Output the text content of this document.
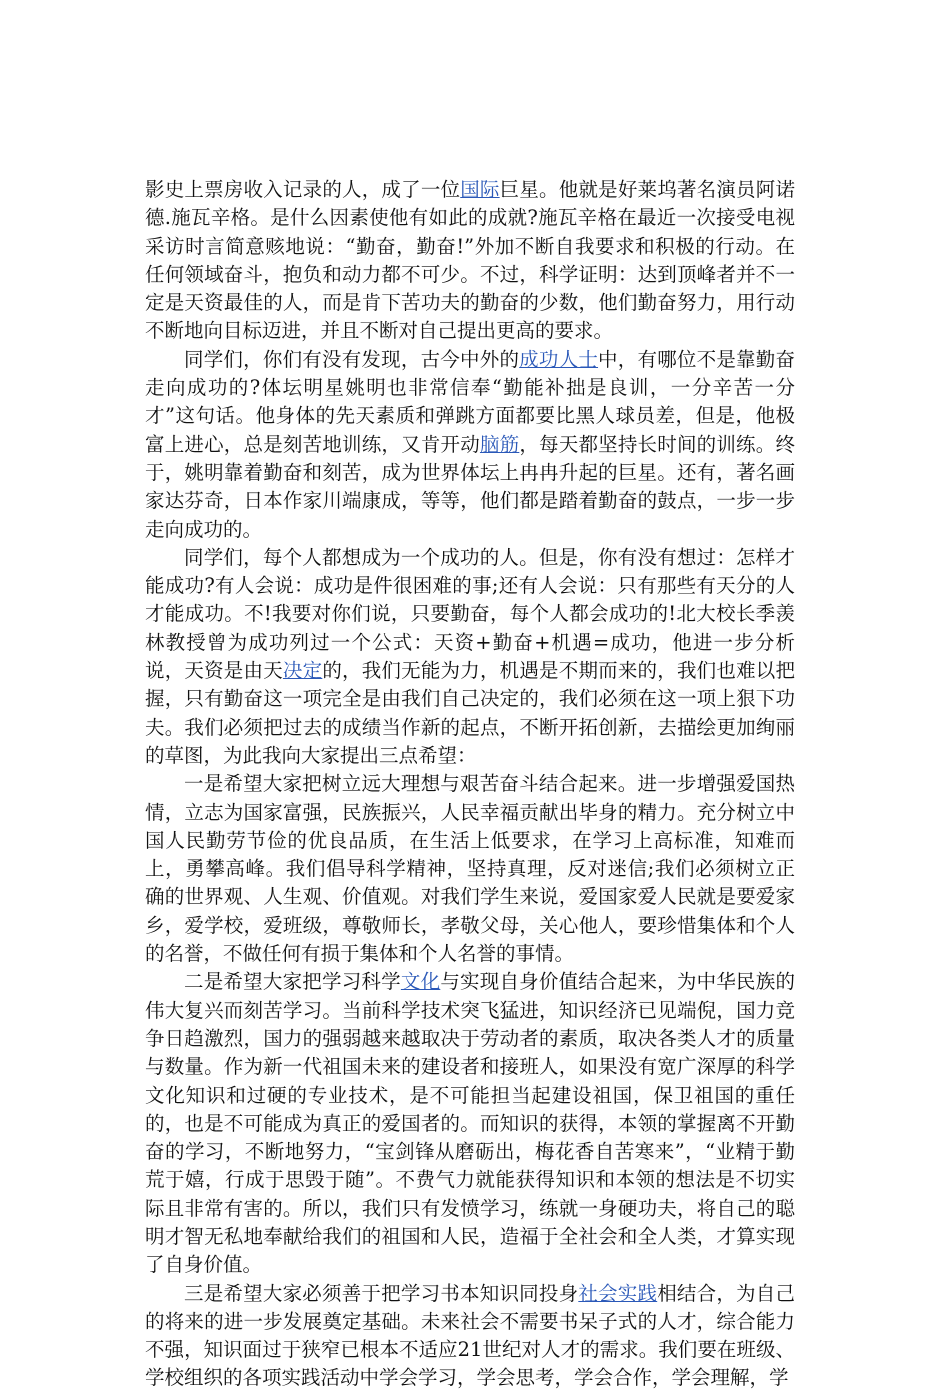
影史上票房收入记录的人，成了一位国际巨星。他就是好莱坞著名演员阿诺德.施瓦辛格。是什么因素使他有如此的成就?施瓦辛格在最近一次接受电视采访时言简意赅地说：“勤奋，勤奋!”外加不断自我要求和积极的行动。在任何领域奋斗，抱负和动力都不可少。不过，科学证明：达到顶峰者并不一定是天资最佳的人，而是肯下苦功夫的勤奋的少数，他们勤奋努力，用行动不断地向目标迈进，并且不断对自己提出更高的要求。

同学们，你们有没有发现，古今中外的成功人士中，有哪位不是靠勤奋走向成功的?体坛明星姚明也非常信奉“勤能补拙是良训，一分辛苦一分才”这句话。他身体的先天素质和弹跳方面都要比黑人球员差，但是，他极富上进心，总是刻苦地训练，又肯开动脑筋，每天都坚持长时间的训练。终于，姚明靠着勤奋和刻苦，成为世界体坛上冉冉升起的巨星。还有，著名画家达芬奇，日本作家川端康成，等等，他们都是踏着勤奋的鼓点，一步一步走向成功的。

同学们，每个人都想成为一个成功的人。但是，你有没有想过：怎样才能成功?有人会说：成功是件很困难的事;还有人会说：只有那些有天分的人才能成功。不!我要对你们说，只要勤奋，每个人都会成功的!北大校长季羡林教授曾为成功列过一个公式：天资+勤奋+机遇=成功，他进一步分析说，天资是由天决定的，我们无能为力，机遇是不期而来的，我们也难以把握，只有勤奋这一项完全是由我们自己决定的，我们必须在这一项上狠下功夫。我们必须把过去的成绩当作新的起点，不断开拓创新，去描绘更加绚丽的草图，为此我向大家提出三点希望：

一是希望大家把树立远大理想与艰苦奋斗结合起来。进一步增强爱国热情，立志为国家富强，民族振兴，人民幸福贡献出毕身的精力。充分树立中国人民勤劳节俭的优良品质，在生活上低要求，在学习上高标准，知难而上，勇攀高峰。我们倡导科学精神，坚持真理，反对迷信;我们必须树立正确的世界观、人生观、价值观。对我们学生来说，爱国家爱人民就是要爱家乡，爱学校，爱班级，尊敬师长，孝敬父母，关心他人，要珍惜集体和个人的名誉，不做任何有损于集体和个人名誉的事情。

二是希望大家把学习科学文化与实现自身价值结合起来，为中华民族的伟大复兴而刻苦学习。当前科学技术突飞猛进，知识经济已见端倪，国力竞争日趋激烈，国力的强弱越来越取决于劳动者的素质，取决各类人才的质量与数量。作为新一代祖国未来的建设者和接班人，如果没有宽广深厚的科学文化知识和过硬的专业技术，是不可能担当起建设祖国，保卫祖国的重任的，也是不可能成为真正的爱国者的。而知识的获得，本领的掌握离不开勤奋的学习，不断地努力，“宝剑锋从磨砺出，梅花香自苦寒来”，“业精于勤荒于嬉，行成于思毁于随”。不费气力就能获得知识和本领的想法是不切实际且非常有害的。所以，我们只有发愤学习，练就一身硬功夫，将自己的聪明才智无私地奉献给我们的祖国和人民，造福于全社会和全人类，才算实现了自身价值。

三是希望大家必须善于把学习书本知识同投身社会实践相结合，为自己的将来的进一步发展奠定基础。未来社会不需要书呆子式的人才，综合能力不强，知识面过于狭窄已根本不适应21世纪对人才的需求。我们要在班级、学校组织的各项实践活动中学会学习，学会思考，学会合作，学会理解，学
